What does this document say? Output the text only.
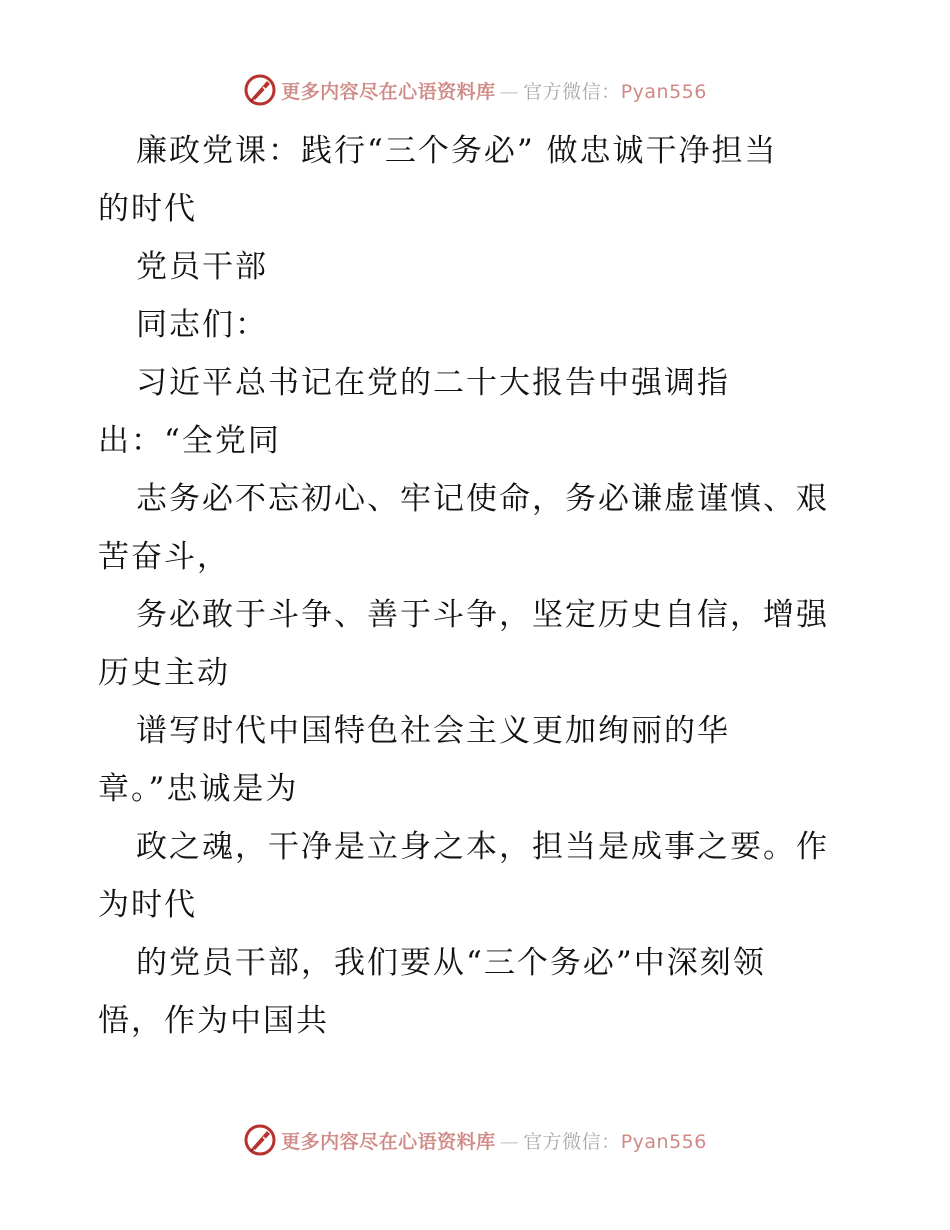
更多内容尽在心语资料库 — 官方微信：Pyan556
廉政党课：践行“三个务必” 做忠诚干净担当
的时代
党员干部
同志们：
习近平总书记在党的二十大报告中强调指
出：“全党同
志务必不忘初心、牢记使命，务必谦虚谨慎、艰
苦奋斗，
务必敢于斗争、善于斗争，坚定历史自信，增强
历史主动
谱写时代中国特色社会主义更加绚丽的华
章。”忠诚是为
政之魂，干净是立身之本，担当是成事之要。作
为时代
的党员干部，我们要从“三个务必”中深刻领
悟，作为中国共
更多内容尽在心语资料库 — 官方微信：Pyan556
